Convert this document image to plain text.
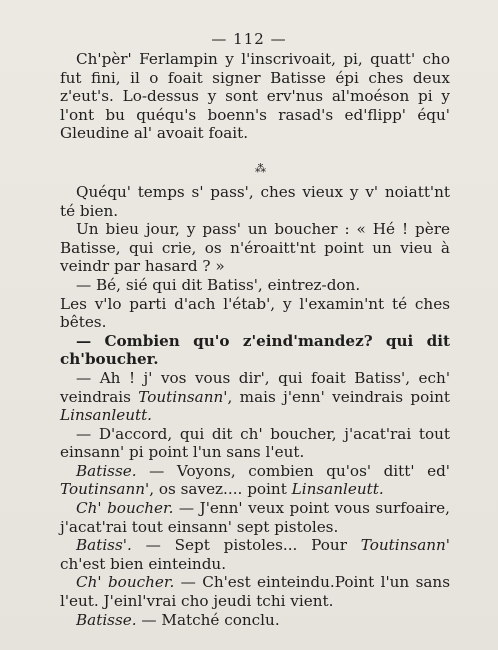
— 112 —

Ch'pèr' Ferlampin y l'inscrivoait, pi, quatt' cho fut fini, il o foait signer Batisse épi ches deux z'eut's. Lo-dessus y sont erv'nus al'moéson pi y l'ont bu quéqu's boenn's rasad's ed'flipp' équ' Gleudine al' avoait foait.

⁂

Quéqu' temps s' pass', ches vieux y v' noiatt'nt té bien.

Un bieu jour, y pass' un boucher : « Hé ! père Batisse, qui crie, os n'éroaitt'nt point un vieu à veindr par hasard ? »

— Bé, sié qui dit Batiss', eintrez-don.

Les v'lo parti d'ach l'étab', y l'examin'nt té ches bêtes.

— Combien qu'o z'eind'mandez? qui dit ch'boucher.

— Ah ! j' vos vous dir', qui foait Batiss', ech' veindrais Toutinsann', mais j'enn' veindrais point Linsanleutt.

— D'accord, qui dit ch' boucher, j'acat'rai tout einsann' pi point l'un sans l'eut.

Batisse. — Voyons, combien qu'os' ditt' ed' Toutinsann', os savez.... point Linsanleutt.

Ch' boucher. — J'enn' veux point vous surfoaire, j'acat'rai tout einsann' sept pistoles.

Batiss'. — Sept pistoles... Pour Toutinsann' ch'est bien einteindu.

Ch' boucher. — Ch'est einteindu.Point l'un sans l'eut. J'einl'vrai cho jeudi tchi vient.

Batisse. — Matché conclu.
